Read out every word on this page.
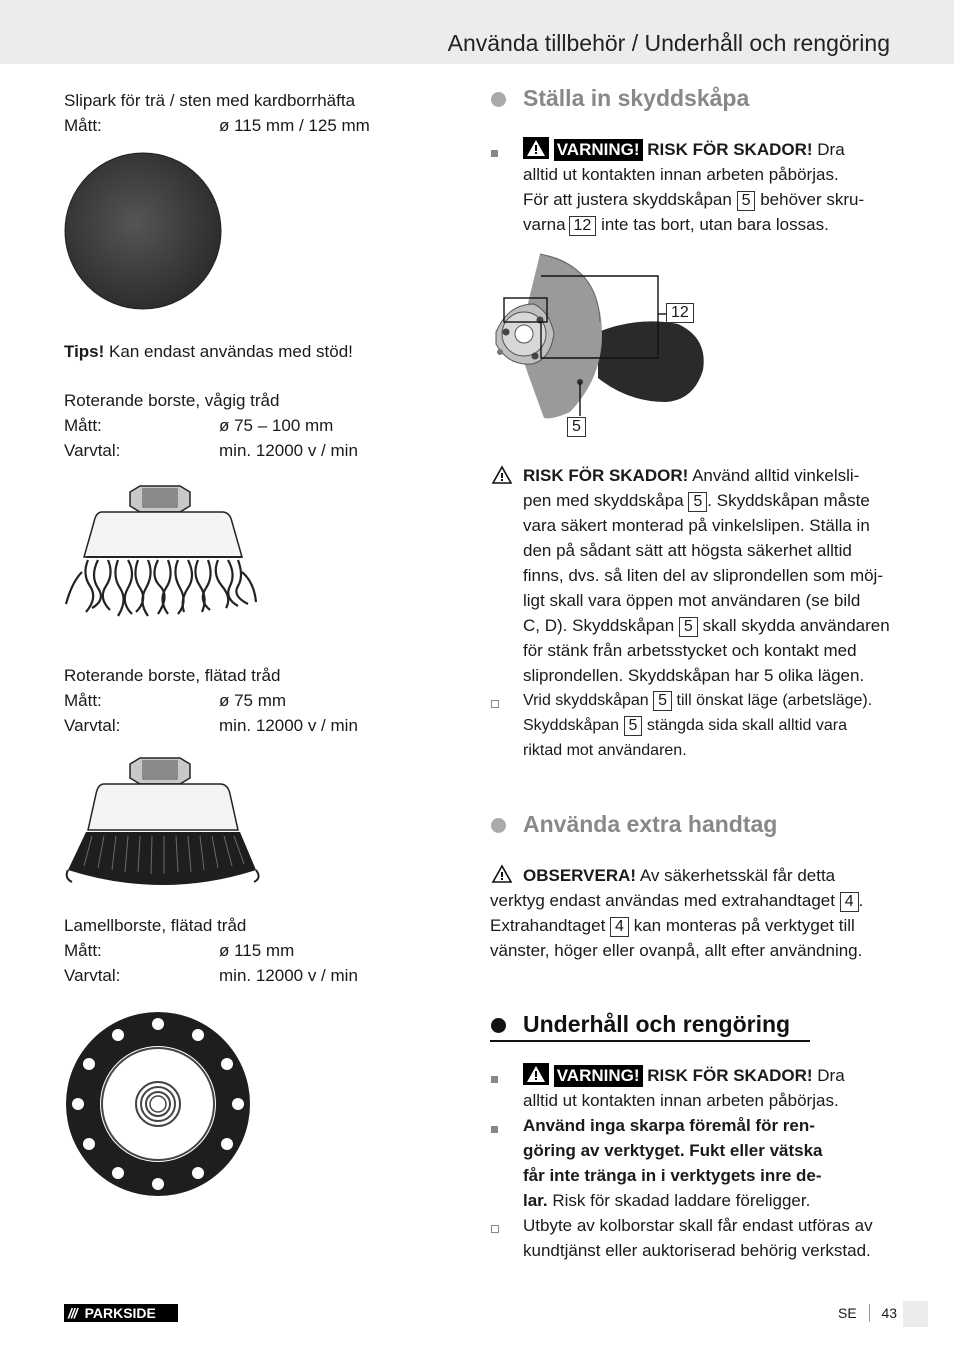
Använda tillbehör / Underhåll och rengöring
Slipark för trä / sten med kardborrhäfta
Mått:	ø 115 mm / 125 mm
Tips! Kan endast användas med stöd!
Roterande borste, vågig tråd
Mått:	ø 75 – 100 mm
Varvtal:	min. 12000 v / min
Roterande borste, flätad tråd
Mått:	ø 75 mm
Varvtal:	min. 12000 v / min
Lamellborste, flätad tråd
Mått:	ø 115 mm
Varvtal:	min. 12000 v / min
Ställa in skyddskåpa
VARNING! RISK FÖR SKADOR! Dra
alltid ut kontakten innan arbeten påbörjas.
För att justera skyddskåpan 5 behöver skru-
varna 12 inte tas bort, utan bara lossas.
12
5
RISK FÖR SKADOR! Använd alltid vinkelsli-
pen med skyddskåpa 5 . Skyddskåpan måste
vara säkert monterad på vinkelslipen. Ställa in
den på sådant sätt att högsta säkerhet alltid
finns, dvs. så liten del av sliprondellen som möj-
ligt skall vara öppen mot användaren (se bild
C, D). Skyddskåpan 5 skall skydda användaren
för stänk från arbetsstycket och kontakt med
sliprondellen. Skyddskåpan har 5 olika lägen.
Vrid skyddskåpan 5 till önskat läge (arbetsläge).
Skyddskåpan 5 stängda sida skall alltid vara
riktad mot användaren.
Använda extra handtag
OBSERVERA! Av säkerhetsskäl får detta
verktyg endast användas med extrahandtaget 4 .
Extrahandtaget 4 kan monteras på verktyget till
vänster, höger eller ovanpå, allt efter användning.
Underhåll och rengöring
VARNING! RISK FÖR SKADOR! Dra
alltid ut kontakten innan arbeten påbörjas.
Använd inga skarpa föremål för ren-
göring av verktyget. Fukt eller vätska
får inte tränga in i verktygets inre de-
lar. Risk för skadad laddare föreligger.
Utbyte av kolborstar skall får endast utföras av
kundtjänst eller auktoriserad behörig verkstad.
/// PARKSIDE	SE 43
